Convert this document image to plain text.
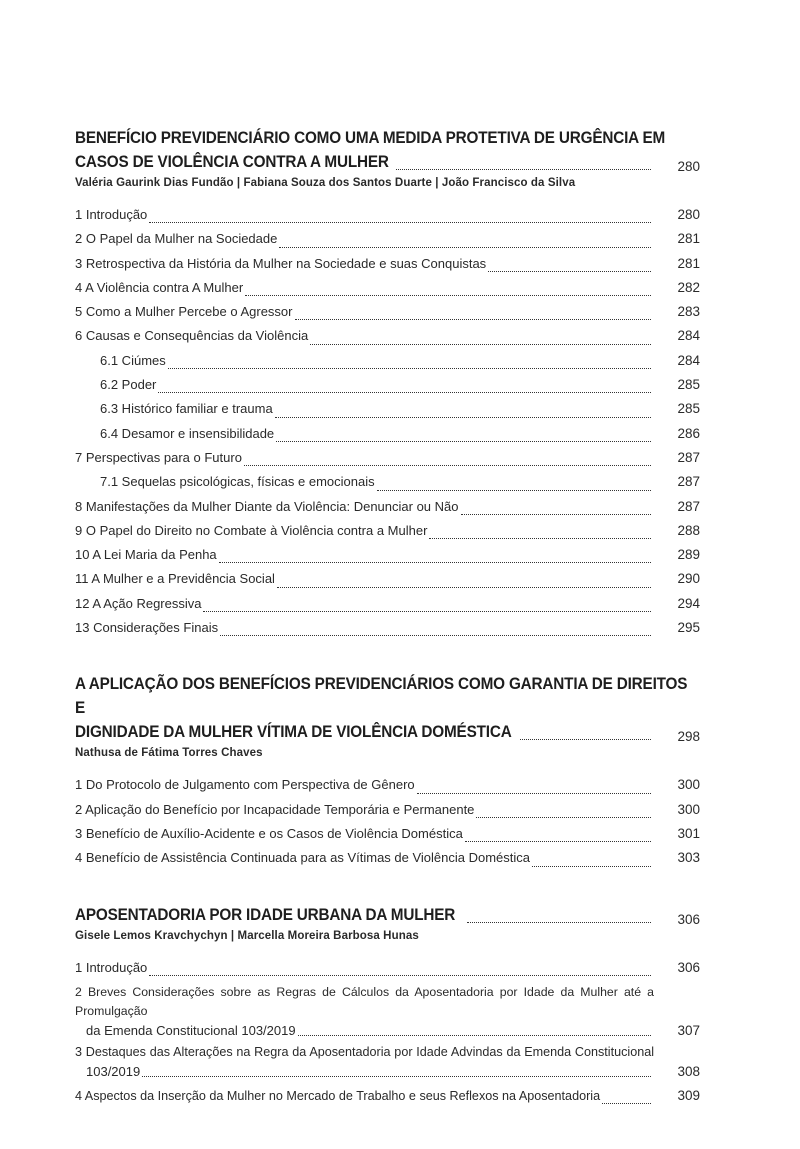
BENEFÍCIO PREVIDENCIÁRIO COMO UMA MEDIDA PROTETIVA DE URGÊNCIA EM
CASOS DE VIOLÊNCIA CONTRA A MULHER	280
Valéria Gaurink Dias Fundão | Fabiana Souza dos Santos Duarte | João Francisco da Silva
1 Introdução	280
2 O Papel da Mulher na Sociedade	281
3 Retrospectiva da História da Mulher na Sociedade e suas Conquistas	281
4 A Violência contra A Mulher	282
5 Como a Mulher Percebe o Agressor	283
6 Causas e Consequências da Violência	284
6.1 Ciúmes	284
6.2 Poder	285
6.3 Histórico familiar e trauma	285
6.4 Desamor e insensibilidade	286
7 Perspectivas para o Futuro	287
7.1 Sequelas psicológicas, físicas e emocionais	287
8 Manifestações da Mulher Diante da Violência: Denunciar ou Não	287
9 O Papel do Direito no Combate à Violência contra a Mulher	288
10 A Lei Maria da Penha	289
11 A Mulher e a Previdência Social	290
12 A Ação Regressiva	294
13 Considerações Finais	295
A APLICAÇÃO DOS BENEFÍCIOS PREVIDENCIÁRIOS COMO GARANTIA DE DIREITOS E
DIGNIDADE DA MULHER VÍTIMA DE VIOLÊNCIA DOMÉSTICA	298
Nathusa de Fátima Torres Chaves
1 Do Protocolo de Julgamento com Perspectiva de Gênero	300
2 Aplicação do Benefício por Incapacidade Temporária e Permanente	300
3 Benefício de Auxílio-Acidente e os Casos de Violência Doméstica	301
4 Benefício de Assistência Continuada para as Vítimas de Violência Doméstica	303
APOSENTADORIA POR IDADE URBANA DA MULHER	306
Gisele Lemos Kravchychyn | Marcella Moreira Barbosa Hunas
1 Introdução	306
2 Breves Considerações sobre as Regras de Cálculos da Aposentadoria por Idade da Mulher até a Promulgação
da Emenda Constitucional 103/2019	307
3 Destaques das Alterações na Regra da Aposentadoria por Idade Advindas da Emenda Constitucional
103/2019	308
4 Aspectos da Inserção da Mulher no Mercado de Trabalho e seus Reflexos na Aposentadoria	309
